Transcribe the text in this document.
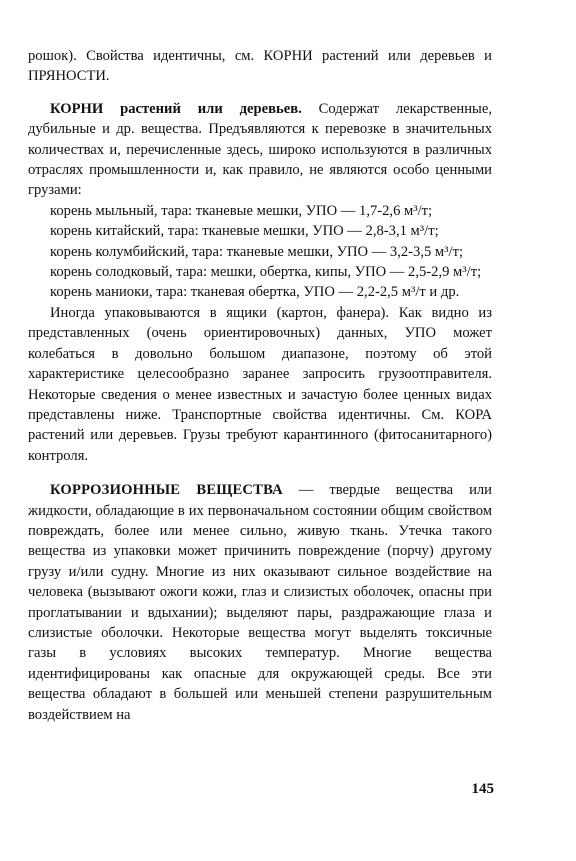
рошок). Свойства идентичны, см. КОРНИ растений или деревьев и ПРЯНОСТИ.

КОРНИ растений или деревьев. Содержат лекарственные, дубильные и др. вещества. Предъявляются к перевозке в значительных количествах и, перечисленные здесь, широко используются в различных отраслях промышленности и, как правило, не являются особо ценными грузами:

корень мыльный, тара: тканевые мешки, УПО — 1,7-2,6 м³/т;

корень китайский, тара: тканевые мешки, УПО — 2,8-3,1 м³/т;

корень колумбийский, тара: тканевые мешки, УПО — 3,2-3,5 м³/т;

корень солодковый, тара: мешки, обертка, кипы, УПО — 2,5-2,9 м³/т;

корень маниоки, тара: тканевая обертка, УПО — 2,2-2,5 м³/т и др.

Иногда упаковываются в ящики (картон, фанера). Как видно из представленных (очень ориентировочных) данных, УПО может колебаться в довольно большом диапазоне, поэтому об этой характеристике целесообразно заранее запросить грузоотправителя. Некоторые сведения о менее известных и зачастую более ценных видах представлены ниже. Транспортные свойства идентичны. См. КОРА растений или деревьев. Грузы требуют карантинного (фитосанитарного) контроля.

КОРРОЗИОННЫЕ ВЕЩЕСТВА — твердые вещества или жидкости, обладающие в их первоначальном состоянии общим свойством повреждать, более или менее сильно, живую ткань. Утечка такого вещества из упаковки может причинить повреждение (порчу) другому грузу и/или судну. Многие из них оказывают сильное воздействие на человека (вызывают ожоги кожи, глаз и слизистых оболочек, опасны при проглатывании и вдыхании); выделяют пары, раздражающие глаза и слизистые оболочки. Некоторые вещества могут выделять токсичные газы в условиях высоких температур. Многие вещества идентифицированы как опасные для окружающей среды. Все эти вещества обладают в большей или меньшей степени разрушительным воздействием на

145
